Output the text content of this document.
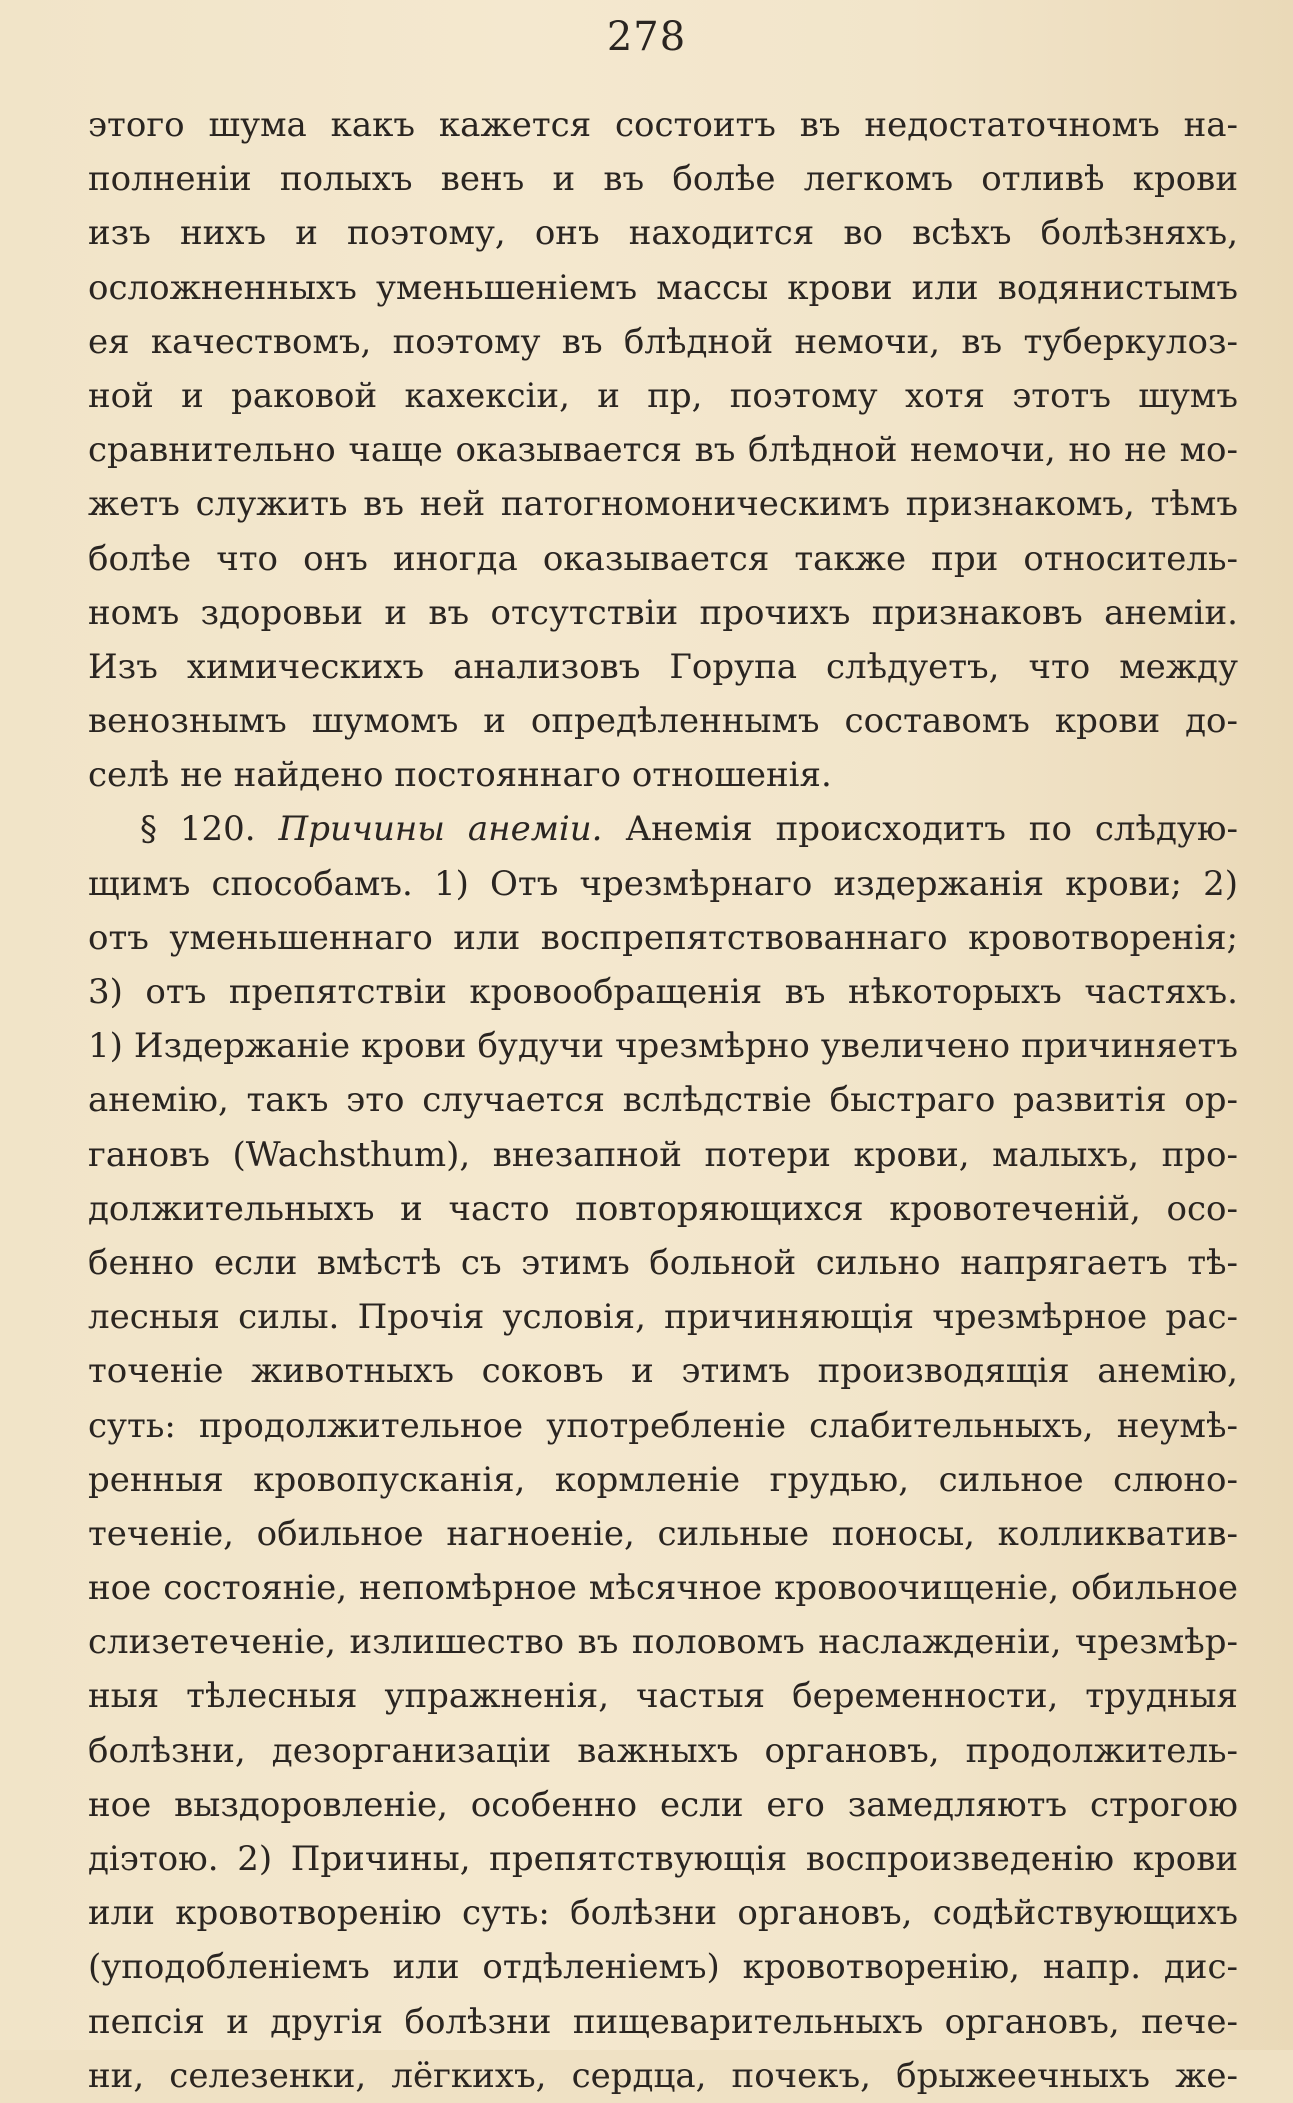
278
этого шума какъ кажется состоитъ въ недостаточномъ на-
полненіи полыхъ венъ и въ болѣе легкомъ отливѣ крови
изъ нихъ и поэтому, онъ находится во всѣхъ болѣзняхъ,
осложненныхъ уменьшеніемъ массы крови или водянистымъ
ея качествомъ, поэтому въ блѣдной немочи, въ туберкулоз-
ной и раковой кахексіи, и пр, поэтому хотя этотъ шумъ
сравнительно чаще оказывается въ блѣдной немочи, но не мо-
жетъ служить въ ней патогномоническимъ признакомъ, тѣмъ
болѣе что онъ иногда оказывается также при относитель-
номъ здоровьи и въ отсутствіи прочихъ признаковъ анеміи.
Изъ химическихъ анализовъ Горупа слѣдуетъ, что между
венознымъ шумомъ и опредѣленнымъ составомъ крови до-
селѣ не найдено постояннаго отношенія.
§ 120. Причины анеміи. Анемія происходитъ по слѣдую-
щимъ способамъ. 1) Отъ чрезмѣрнаго издержанія крови; 2)
отъ уменьшеннаго или воспрепятствованнаго кровотворенія;
3) отъ препятствіи кровообращенія въ нѣкоторыхъ частяхъ.
1) Издержаніе крови будучи чрезмѣрно увеличено причиняетъ
анемію, такъ это случается вслѣдствіе быстраго развитія ор-
гановъ (Wachsthum), внезапной потери крови, малыхъ, про-
должительныхъ и часто повторяющихся кровотеченій, осо-
бенно если вмѣстѣ съ этимъ больной сильно напрягаетъ тѣ-
лесныя силы. Прочія условія, причиняющія чрезмѣрное рас-
точеніе животныхъ соковъ и этимъ производящія анемію,
суть: продолжительное употребленіе слабительныхъ, неумѣ-
ренныя кровопусканія, кормленіе грудью, сильное слюно-
теченіе, обильное нагноеніе, сильные поносы, колликватив-
ное состояніе, непомѣрное мѣсячное кровоочищеніе, обильное
слизетеченіе, излишество въ половомъ наслажденіи, чрезмѣр-
ныя тѣлесныя упражненія, частыя беременности, трудныя
болѣзни, дезорганизаціи важныхъ органовъ, продолжитель-
ное выздоровленіе, особенно если его замедляютъ строгою
діэтою. 2) Причины, препятствующія воспроизведенію крови
или кровотворенію суть: болѣзни органовъ, содѣйствующихъ
(уподобленіемъ или отдѣленіемъ) кровотворенію, напр. дис-
пепсія и другія болѣзни пищеварительныхъ органовъ, пече-
ни, селезенки, лёгкихъ, сердца, почекъ, брыжеечныхъ же-
